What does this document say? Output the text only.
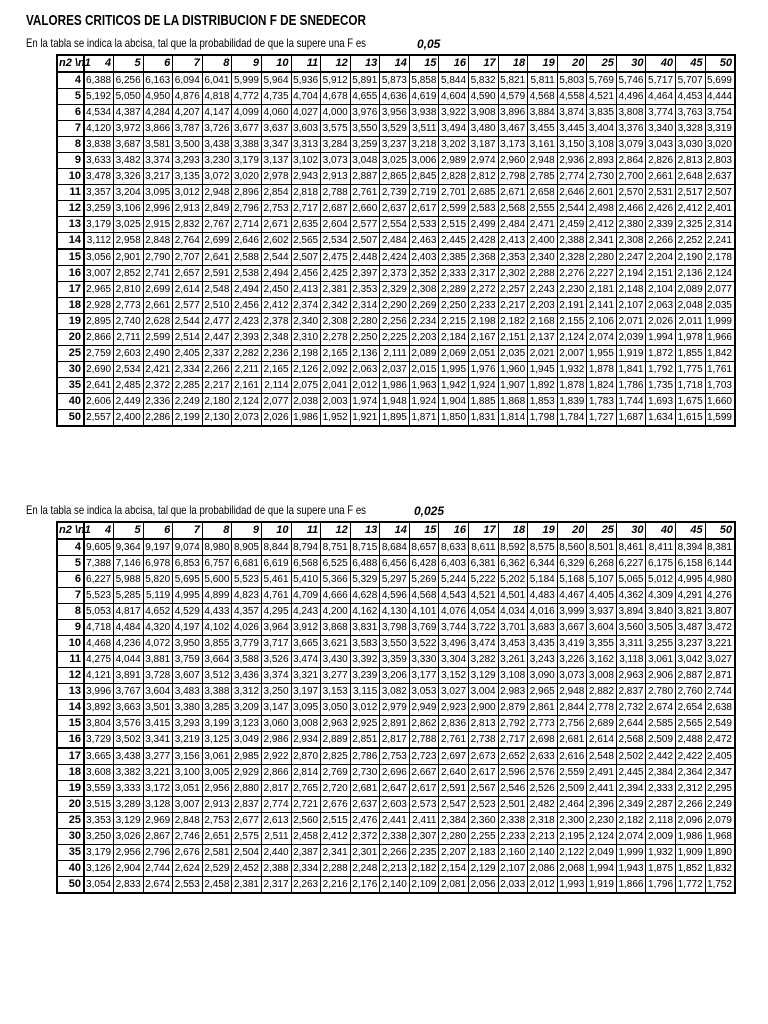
VALORES CRITICOS DE LA DISTRIBUCION F DE SNEDECOR
En la tabla se indica la abcisa, tal que la probabilidad de que la supere una F es	0,05
n2 \n1	4	5	6	7	8	9	10	11	12	13	14	15	16	17	18	19	20	25	30	40	45	50
4	6,388	6,256	6,163	6,094	6,041	5,999	5,964	5,936	5,912	5,891	5,873	5,858	5,844	5,832	5,821	5,811	5,803	5,769	5,746	5,717	5,707	5,699
5	5,192	5,050	4,950	4,876	4,818	4,772	4,735	4,704	4,678	4,655	4,636	4,619	4,604	4,590	4,579	4,568	4,558	4,521	4,496	4,464	4,453	4,444
6	4,534	4,387	4,284	4,207	4,147	4,099	4,060	4,027	4,000	3,976	3,956	3,938	3,922	3,908	3,896	3,884	3,874	3,835	3,808	3,774	3,763	3,754
7	4,120	3,972	3,866	3,787	3,726	3,677	3,637	3,603	3,575	3,550	3,529	3,511	3,494	3,480	3,467	3,455	3,445	3,404	3,376	3,340	3,328	3,319
8	3,838	3,687	3,581	3,500	3,438	3,388	3,347	3,313	3,284	3,259	3,237	3,218	3,202	3,187	3,173	3,161	3,150	3,108	3,079	3,043	3,030	3,020
9	3,633	3,482	3,374	3,293	3,230	3,179	3,137	3,102	3,073	3,048	3,025	3,006	2,989	2,974	2,960	2,948	2,936	2,893	2,864	2,826	2,813	2,803
10	3,478	3,326	3,217	3,135	3,072	3,020	2,978	2,943	2,913	2,887	2,865	2,845	2,828	2,812	2,798	2,785	2,774	2,730	2,700	2,661	2,648	2,637
11	3,357	3,204	3,095	3,012	2,948	2,896	2,854	2,818	2,788	2,761	2,739	2,719	2,701	2,685	2,671	2,658	2,646	2,601	2,570	2,531	2,517	2,507
12	3,259	3,106	2,996	2,913	2,849	2,796	2,753	2,717	2,687	2,660	2,637	2,617	2,599	2,583	2,568	2,555	2,544	2,498	2,466	2,426	2,412	2,401
13	3,179	3,025	2,915	2,832	2,767	2,714	2,671	2,635	2,604	2,577	2,554	2,533	2,515	2,499	2,484	2,471	2,459	2,412	2,380	2,339	2,325	2,314
14	3,112	2,958	2,848	2,764	2,699	2,646	2,602	2,565	2,534	2,507	2,484	2,463	2,445	2,428	2,413	2,400	2,388	2,341	2,308	2,266	2,252	2,241
15	3,056	2,901	2,790	2,707	2,641	2,588	2,544	2,507	2,475	2,448	2,424	2,403	2,385	2,368	2,353	2,340	2,328	2,280	2,247	2,204	2,190	2,178
16	3,007	2,852	2,741	2,657	2,591	2,538	2,494	2,456	2,425	2,397	2,373	2,352	2,333	2,317	2,302	2,288	2,276	2,227	2,194	2,151	2,136	2,124
17	2,965	2,810	2,699	2,614	2,548	2,494	2,450	2,413	2,381	2,353	2,329	2,308	2,289	2,272	2,257	2,243	2,230	2,181	2,148	2,104	2,089	2,077
18	2,928	2,773	2,661	2,577	2,510	2,456	2,412	2,374	2,342	2,314	2,290	2,269	2,250	2,233	2,217	2,203	2,191	2,141	2,107	2,063	2,048	2,035
19	2,895	2,740	2,628	2,544	2,477	2,423	2,378	2,340	2,308	2,280	2,256	2,234	2,215	2,198	2,182	2,168	2,155	2,106	2,071	2,026	2,011	1,999
20	2,866	2,711	2,599	2,514	2,447	2,393	2,348	2,310	2,278	2,250	2,225	2,203	2,184	2,167	2,151	2,137	2,124	2,074	2,039	1,994	1,978	1,966
25	2,759	2,603	2,490	2,405	2,337	2,282	2,236	2,198	2,165	2,136	2,111	2,089	2,069	2,051	2,035	2,021	2,007	1,955	1,919	1,872	1,855	1,842
30	2,690	2,534	2,421	2,334	2,266	2,211	2,165	2,126	2,092	2,063	2,037	2,015	1,995	1,976	1,960	1,945	1,932	1,878	1,841	1,792	1,775	1,761
35	2,641	2,485	2,372	2,285	2,217	2,161	2,114	2,075	2,041	2,012	1,986	1,963	1,942	1,924	1,907	1,892	1,878	1,824	1,786	1,735	1,718	1,703
40	2,606	2,449	2,336	2,249	2,180	2,124	2,077	2,038	2,003	1,974	1,948	1,924	1,904	1,885	1,868	1,853	1,839	1,783	1,744	1,693	1,675	1,660
50	2,557	2,400	2,286	2,199	2,130	2,073	2,026	1,986	1,952	1,921	1,895	1,871	1,850	1,831	1,814	1,798	1,784	1,727	1,687	1,634	1,615	1,599
En la tabla se indica la abcisa, tal que la probabilidad de que la supere una F es	0,025
n2 \n1	4	5	6	7	8	9	10	11	12	13	14	15	16	17	18	19	20	25	30	40	45	50
4	9,605	9,364	9,197	9,074	8,980	8,905	8,844	8,794	8,751	8,715	8,684	8,657	8,633	8,611	8,592	8,575	8,560	8,501	8,461	8,411	8,394	8,381
5	7,388	7,146	6,978	6,853	6,757	6,681	6,619	6,568	6,525	6,488	6,456	6,428	6,403	6,381	6,362	6,344	6,329	6,268	6,227	6,175	6,158	6,144
6	6,227	5,988	5,820	5,695	5,600	5,523	5,461	5,410	5,366	5,329	5,297	5,269	5,244	5,222	5,202	5,184	5,168	5,107	5,065	5,012	4,995	4,980
7	5,523	5,285	5,119	4,995	4,899	4,823	4,761	4,709	4,666	4,628	4,596	4,568	4,543	4,521	4,501	4,483	4,467	4,405	4,362	4,309	4,291	4,276
8	5,053	4,817	4,652	4,529	4,433	4,357	4,295	4,243	4,200	4,162	4,130	4,101	4,076	4,054	4,034	4,016	3,999	3,937	3,894	3,840	3,821	3,807
9	4,718	4,484	4,320	4,197	4,102	4,026	3,964	3,912	3,868	3,831	3,798	3,769	3,744	3,722	3,701	3,683	3,667	3,604	3,560	3,505	3,487	3,472
10	4,468	4,236	4,072	3,950	3,855	3,779	3,717	3,665	3,621	3,583	3,550	3,522	3,496	3,474	3,453	3,435	3,419	3,355	3,311	3,255	3,237	3,221
11	4,275	4,044	3,881	3,759	3,664	3,588	3,526	3,474	3,430	3,392	3,359	3,330	3,304	3,282	3,261	3,243	3,226	3,162	3,118	3,061	3,042	3,027
12	4,121	3,891	3,728	3,607	3,512	3,436	3,374	3,321	3,277	3,239	3,206	3,177	3,152	3,129	3,108	3,090	3,073	3,008	2,963	2,906	2,887	2,871
13	3,996	3,767	3,604	3,483	3,388	3,312	3,250	3,197	3,153	3,115	3,082	3,053	3,027	3,004	2,983	2,965	2,948	2,882	2,837	2,780	2,760	2,744
14	3,892	3,663	3,501	3,380	3,285	3,209	3,147	3,095	3,050	3,012	2,979	2,949	2,923	2,900	2,879	2,861	2,844	2,778	2,732	2,674	2,654	2,638
15	3,804	3,576	3,415	3,293	3,199	3,123	3,060	3,008	2,963	2,925	2,891	2,862	2,836	2,813	2,792	2,773	2,756	2,689	2,644	2,585	2,565	2,549
16	3,729	3,502	3,341	3,219	3,125	3,049	2,986	2,934	2,889	2,851	2,817	2,788	2,761	2,738	2,717	2,698	2,681	2,614	2,568	2,509	2,488	2,472
17	3,665	3,438	3,277	3,156	3,061	2,985	2,922	2,870	2,825	2,786	2,753	2,723	2,697	2,673	2,652	2,633	2,616	2,548	2,502	2,442	2,422	2,405
18	3,608	3,382	3,221	3,100	3,005	2,929	2,866	2,814	2,769	2,730	2,696	2,667	2,640	2,617	2,596	2,576	2,559	2,491	2,445	2,384	2,364	2,347
19	3,559	3,333	3,172	3,051	2,956	2,880	2,817	2,765	2,720	2,681	2,647	2,617	2,591	2,567	2,546	2,526	2,509	2,441	2,394	2,333	2,312	2,295
20	3,515	3,289	3,128	3,007	2,913	2,837	2,774	2,721	2,676	2,637	2,603	2,573	2,547	2,523	2,501	2,482	2,464	2,396	2,349	2,287	2,266	2,249
25	3,353	3,129	2,969	2,848	2,753	2,677	2,613	2,560	2,515	2,476	2,441	2,411	2,384	2,360	2,338	2,318	2,300	2,230	2,182	2,118	2,096	2,079
30	3,250	3,026	2,867	2,746	2,651	2,575	2,511	2,458	2,412	2,372	2,338	2,307	2,280	2,255	2,233	2,213	2,195	2,124	2,074	2,009	1,986	1,968
35	3,179	2,956	2,796	2,676	2,581	2,504	2,440	2,387	2,341	2,301	2,266	2,235	2,207	2,183	2,160	2,140	2,122	2,049	1,999	1,932	1,909	1,890
40	3,126	2,904	2,744	2,624	2,529	2,452	2,388	2,334	2,288	2,248	2,213	2,182	2,154	2,129	2,107	2,086	2,068	1,994	1,943	1,875	1,852	1,832
50	3,054	2,833	2,674	2,553	2,458	2,381	2,317	2,263	2,216	2,176	2,140	2,109	2,081	2,056	2,033	2,012	1,993	1,919	1,866	1,796	1,772	1,752
